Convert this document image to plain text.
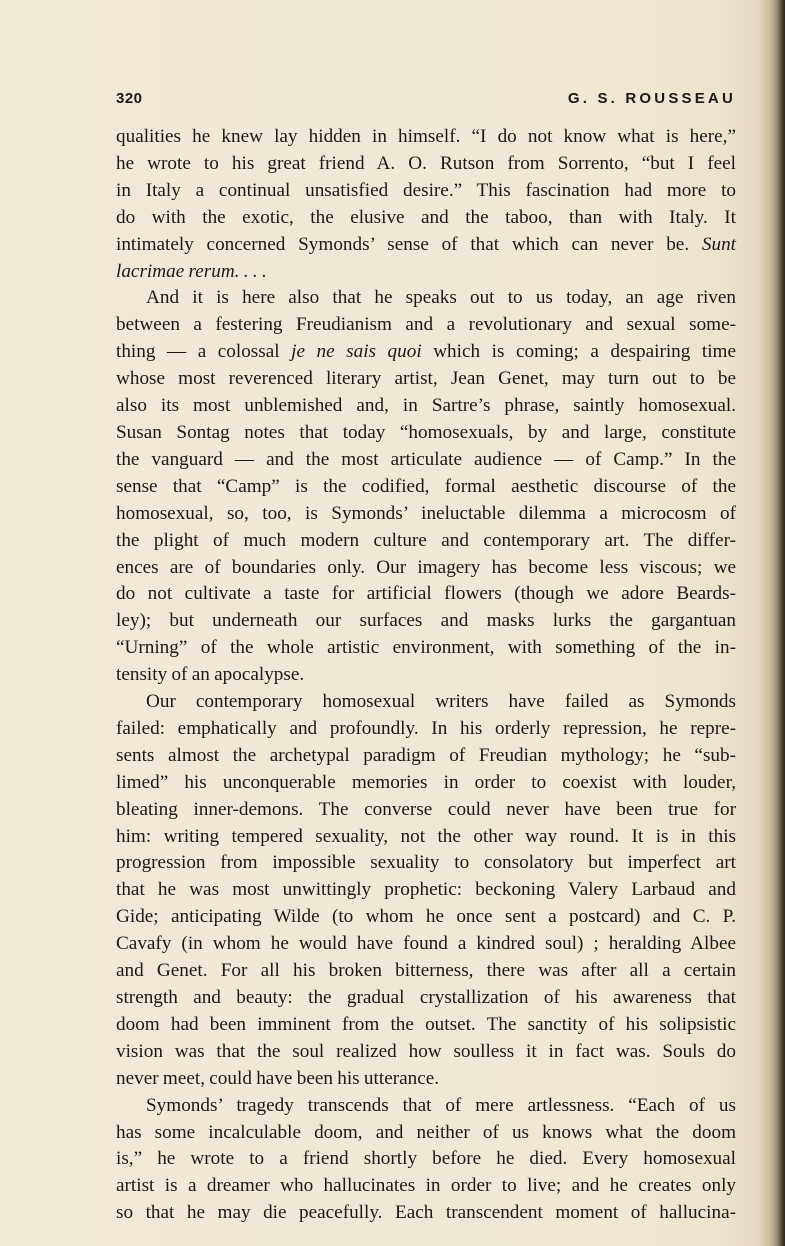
320	G. S. ROUSSEAU

qualities he knew lay hidden in himself. “I do not know what is here,”
he wrote to his great friend A. O. Rutson from Sorrento, “but I feel
in Italy a continual unsatisfied desire.” This fascination had more to
do with the exotic, the elusive and the taboo, than with Italy. It
intimately concerned Symonds’ sense of that which can never be. Sunt
lacrimae rerum. . . .

And it is here also that he speaks out to us today, an age riven
between a festering Freudianism and a revolutionary and sexual some-
thing — a colossal je ne sais quoi which is coming; a despairing time
whose most reverenced literary artist, Jean Genet, may turn out to be
also its most unblemished and, in Sartre’s phrase, saintly homosexual.
Susan Sontag notes that today “homosexuals, by and large, constitute
the vanguard — and the most articulate audience — of Camp.” In the
sense that “Camp” is the codified, formal aesthetic discourse of the
homosexual, so, too, is Symonds’ ineluctable dilemma a microcosm of
the plight of much modern culture and contemporary art. The differ-
ences are of boundaries only. Our imagery has become less viscous; we
do not cultivate a taste for artificial flowers (though we adore Beards-
ley); but underneath our surfaces and masks lurks the gargantuan
“Urning” of the whole artistic environment, with something of the in-
tensity of an apocalypse.

Our contemporary homosexual writers have failed as Symonds
failed: emphatically and profoundly. In his orderly repression, he repre-
sents almost the archetypal paradigm of Freudian mythology; he “sub-
limed” his unconquerable memories in order to coexist with louder,
bleating inner-demons. The converse could never have been true for
him: writing tempered sexuality, not the other way round. It is in this
progression from impossible sexuality to consolatory but imperfect art
that he was most unwittingly prophetic: beckoning Valery Larbaud and
Gide; anticipating Wilde (to whom he once sent a postcard) and C. P.
Cavafy (in whom he would have found a kindred soul) ; heralding Albee
and Genet. For all his broken bitterness, there was after all a certain
strength and beauty: the gradual crystallization of his awareness that
doom had been imminent from the outset. The sanctity of his solipsistic
vision was that the soul realized how soulless it in fact was. Souls do
never meet, could have been his utterance.

Symonds’ tragedy transcends that of mere artlessness. “Each of us
has some incalculable doom, and neither of us knows what the doom
is,” he wrote to a friend shortly before he died. Every homosexual
artist is a dreamer who hallucinates in order to live; and he creates only
so that he may die peacefully. Each transcendent moment of hallucina-
